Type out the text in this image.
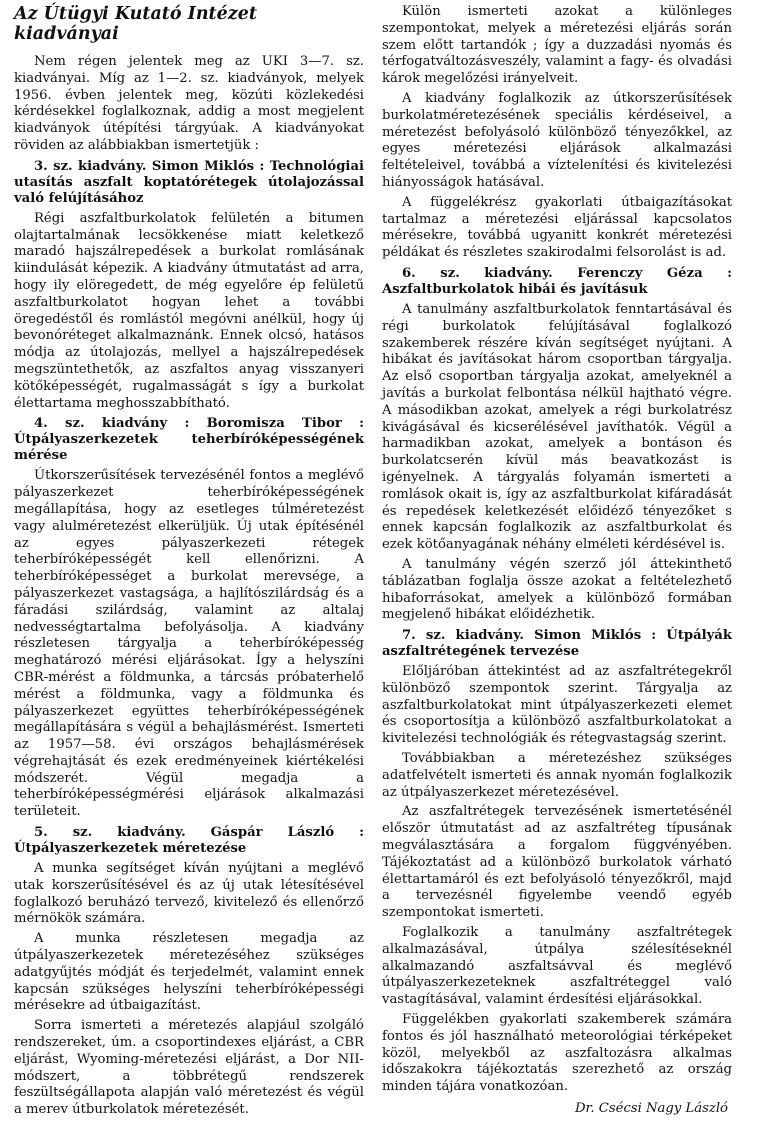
Az Útügyi Kutató Intézet kiadványai

Nem régen jelentek meg az UKI 3—7. sz. kiadványai. Míg az 1—2. sz. kiadványok, melyek 1956. évben jelentek meg, közúti közlekedési kérdésekkel foglalkoznak, addig a most megjelent kiadványok útépítési tárgyúak. A kiadványokat röviden az alábbiakban ismertetjük :

3. sz. kiadvány. Simon Miklós : Technológiai utasítás aszfalt koptatórétegek útolajozással való felújításához

Régi aszfaltburkolatok felületén a bitumen olajtartalmának lecsökkenése miatt keletkező maradó hajszálrepedések a burkolat romlásának kiindulását képezik. A kiadvány útmutatást ad arra, hogy ily elöregedett, de még egyelőre ép felületű aszfaltburkolatot hogyan lehet a további öregedéstől és romlástól megóvni anélkül, hogy új bevonóréteget alkalmaznánk. Ennek olcsó, hatásos módja az útolajozás, mellyel a hajszálrepedések megszüntethetők, az aszfaltos anyag visszanyeri kötőképességét, rugalmasságát s így a burkolat élettartama meghosszabbítható.

4. sz. kiadvány : Boromisza Tibor : Útpályaszerkezetek teherbíróképességének mérése

Útkorszerűsítések tervezésénél fontos a meglévő pályaszerkezet teherbíróképességének megállapítása, hogy az esetleges túlméretezést vagy alulméretezést elkerüljük. Új utak építésénél az egyes pályaszerkezeti rétegek teherbíróképességét kell ellenőrizni. A teherbíróképességet a burkolat merevsége, a pályaszerkezet vastagsága, a hajlítószilárdság és a fáradási szilárdság, valamint az altalaj nedvességtartalma befolyásolja. A kiadvány részletesen tárgyalja a teherbíróképesség meghatározó mérési eljárásokat. Így a helyszíni CBR-mérést a földmunka, a tárcsás próbaterhelő mérést a földmunka, vagy a földmunka és pályaszerkezet együttes teherbíróképességének megállapítására s végül a behajlásmérést. Ismerteti az 1957—58. évi országos behajlásmérések végrehajtását és ezek eredményeinek kiértékelési módszerét. Végül megadja a teherbíróképességmérési eljárások alkalmazási területeit.

5. sz. kiadvány. Gáspár László : Útpályaszerkezetek méretezése

A munka segítséget kíván nyújtani a meglévő utak korszerűsítésével és az új utak létesítésével foglalkozó beruházó tervező, kivitelező és ellenőrző mérnökök számára.

A munka részletesen megadja az útpályaszerkezetek méretezéséhez szükséges adatgyűjtés módját és terjedelmét, valamint ennek kapcsán szükséges helyszíni teherbíróképességi mérésekre ad útbaigazítást.

Sorra ismerteti a méretezés alapjául szolgáló rendszereket, úm. a csoportindexes eljárást, a CBR eljárást, Wyoming-méretezési eljárást, a Dor NII-módszert, a többrétegű rendszerek feszültségállapota alapján való méretezést és végül a merev útburkolatok méretezését.

Külön ismerteti azokat a különleges szempontokat, melyek a méretezési eljárás során szem előtt tartandók ; így a duzzadási nyomás és térfogatváltozásveszély, valamint a fagy- és olvadási károk megelőzési irányelveit.

A kiadvány foglalkozik az útkorszerűsítések burkolatméretezésének speciális kérdéseivel, a méretezést befolyásoló különböző tényezőkkel, az egyes méretezési eljárások alkalmazási feltételeivel, továbbá a víztelenítési és kivitelezési hiányosságok hatásával.

A függelékrész gyakorlati útbaigazításokat tartalmaz a méretezési eljárással kapcsolatos mérésekre, továbbá ugyanitt konkrét méretezési példákat és részletes szakirodalmi felsorolást is ad.

6. sz. kiadvány. Ferenczy Géza : Aszfaltburkolatok hibái és javításuk

A tanulmány aszfaltburkolatok fenntartásával és régi burkolatok felújításával foglalkozó szakemberek részére kíván segítséget nyújtani. A hibákat és javításokat három csoportban tárgyalja. Az első csoportban tárgyalja azokat, amelyeknél a javítás a burkolat felbontása nélkül hajtható végre. A másodikban azokat, amelyek a régi burkolatrész kivágásával és kicserélésével javíthatók. Végül a harmadikban azokat, amelyek a bontáson és burkolatcserén kívül más beavatkozást is igényelnek. A tárgyalás folyamán ismerteti a romlások okait is, így az aszfaltburkolat kifáradását és repedések keletkezését előidéző tényezőket s ennek kapcsán foglalkozik az aszfaltburkolat és ezek kötőanyagának néhány elméleti kérdésével is.

A tanulmány végén szerző jól áttekinthető táblázatban foglalja össze azokat a feltételezhető hibaforrásokat, amelyek a különböző formában megjelenő hibákat előidézhetik.

7. sz. kiadvány. Simon Miklós : Útpályák aszfaltrétegének tervezése

Előljáróban áttekintést ad az aszfaltrétegekről különböző szempontok szerint. Tárgyalja az aszfaltburkolatokat mint útpályaszerkezeti elemet és csoportosítja a különböző aszfaltburkolatokat a kivitelezési technológiák és rétegvastagság szerint.

Továbbiakban a méretezéshez szükséges adatfelvételt ismerteti és annak nyomán foglalkozik az útpályaszerkezet méretezésével.

Az aszfaltrétegek tervezésének ismertetésénél először útmutatást ad az aszfaltréteg típusának megválasztására a forgalom függvényében. Tájékoztatást ad a különböző burkolatok várható élettartamáról és ezt befolyásoló tényezőkről, majd a tervezésnél figyelembe veendő egyéb szempontokat ismerteti.

Foglalkozik a tanulmány aszfaltrétegek alkalmazásával, útpálya szélesítéseknél alkalmazandó aszfaltsávval és meglévő útpályaszerkezeteknek aszfaltréteggel való vastagításával, valamint érdesítési eljárásokkal.

Függelékben gyakorlati szakemberek számára fontos és jól használható meteorológiai térképeket közöl, melyekből az aszfaltozásra alkalmas időszakokra tájékoztatás szerezhető az ország minden tájára vonatkozóan.

Dr. Csécsi Nagy László
